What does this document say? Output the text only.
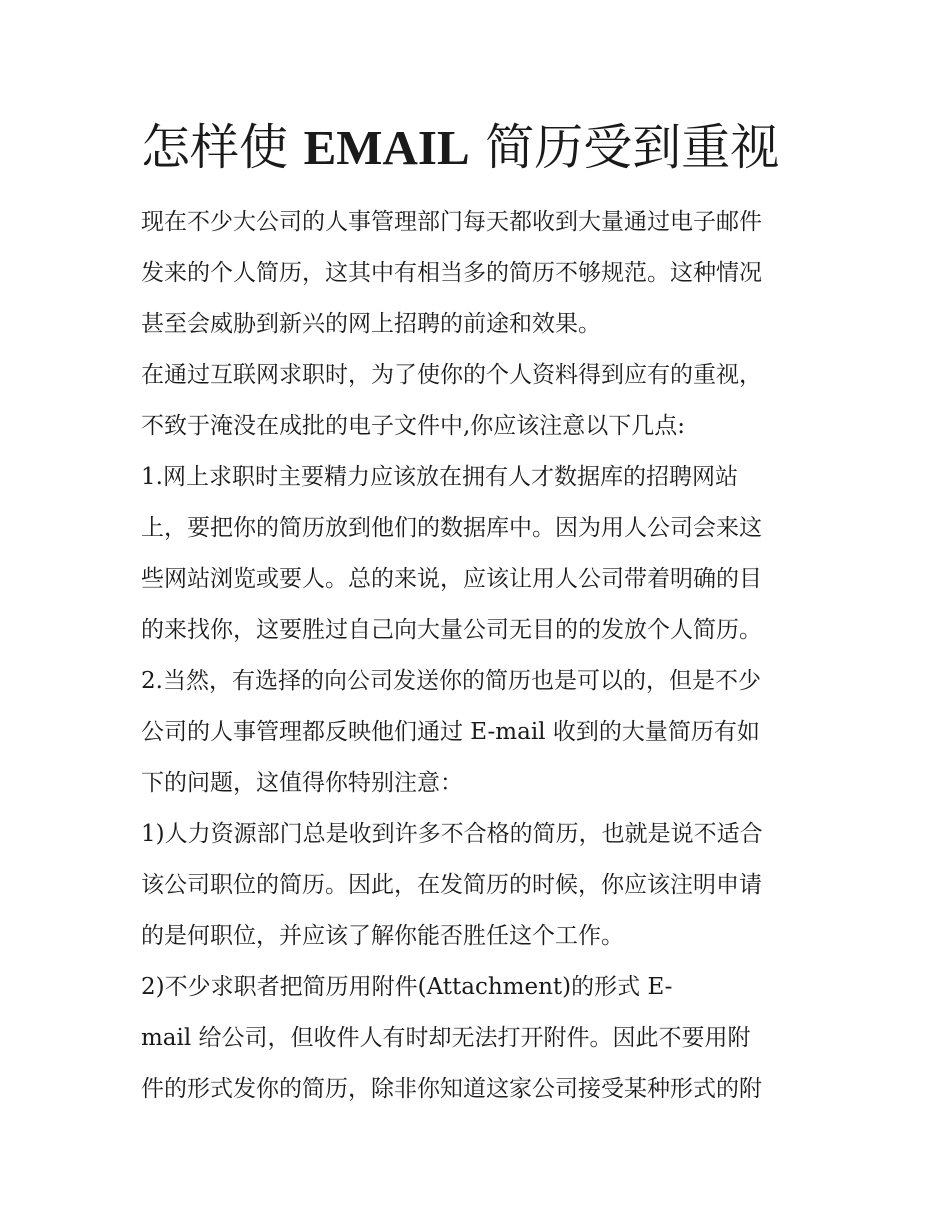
怎样使 EMAIL 简历受到重视
现在不少大公司的人事管理部门每天都收到大量通过电子邮件
发来的个人简历，这其中有相当多的简历不够规范。这种情况
甚至会威胁到新兴的网上招聘的前途和效果。
在通过互联网求职时，为了使你的个人资料得到应有的重视，
不致于淹没在成批的电子文件中,你应该注意以下几点:
1.网上求职时主要精力应该放在拥有人才数据库的招聘网站
上，要把你的简历放到他们的数据库中。因为用人公司会来这
些网站浏览或要人。总的来说，应该让用人公司带着明确的目
的来找你，这要胜过自己向大量公司无目的的发放个人简历。
2.当然，有选择的向公司发送你的简历也是可以的，但是不少
公司的人事管理都反映他们通过 E-mail 收到的大量简历有如
下的问题，这值得你特别注意：
1)人力资源部门总是收到许多不合格的简历，也就是说不适合
该公司职位的简历。因此，在发简历的时候，你应该注明申请
的是何职位，并应该了解你能否胜任这个工作。
2)不少求职者把简历用附件(Attachment)的形式 E-
mail 给公司，但收件人有时却无法打开附件。因此不要用附
件的形式发你的简历，除非你知道这家公司接受某种形式的附
